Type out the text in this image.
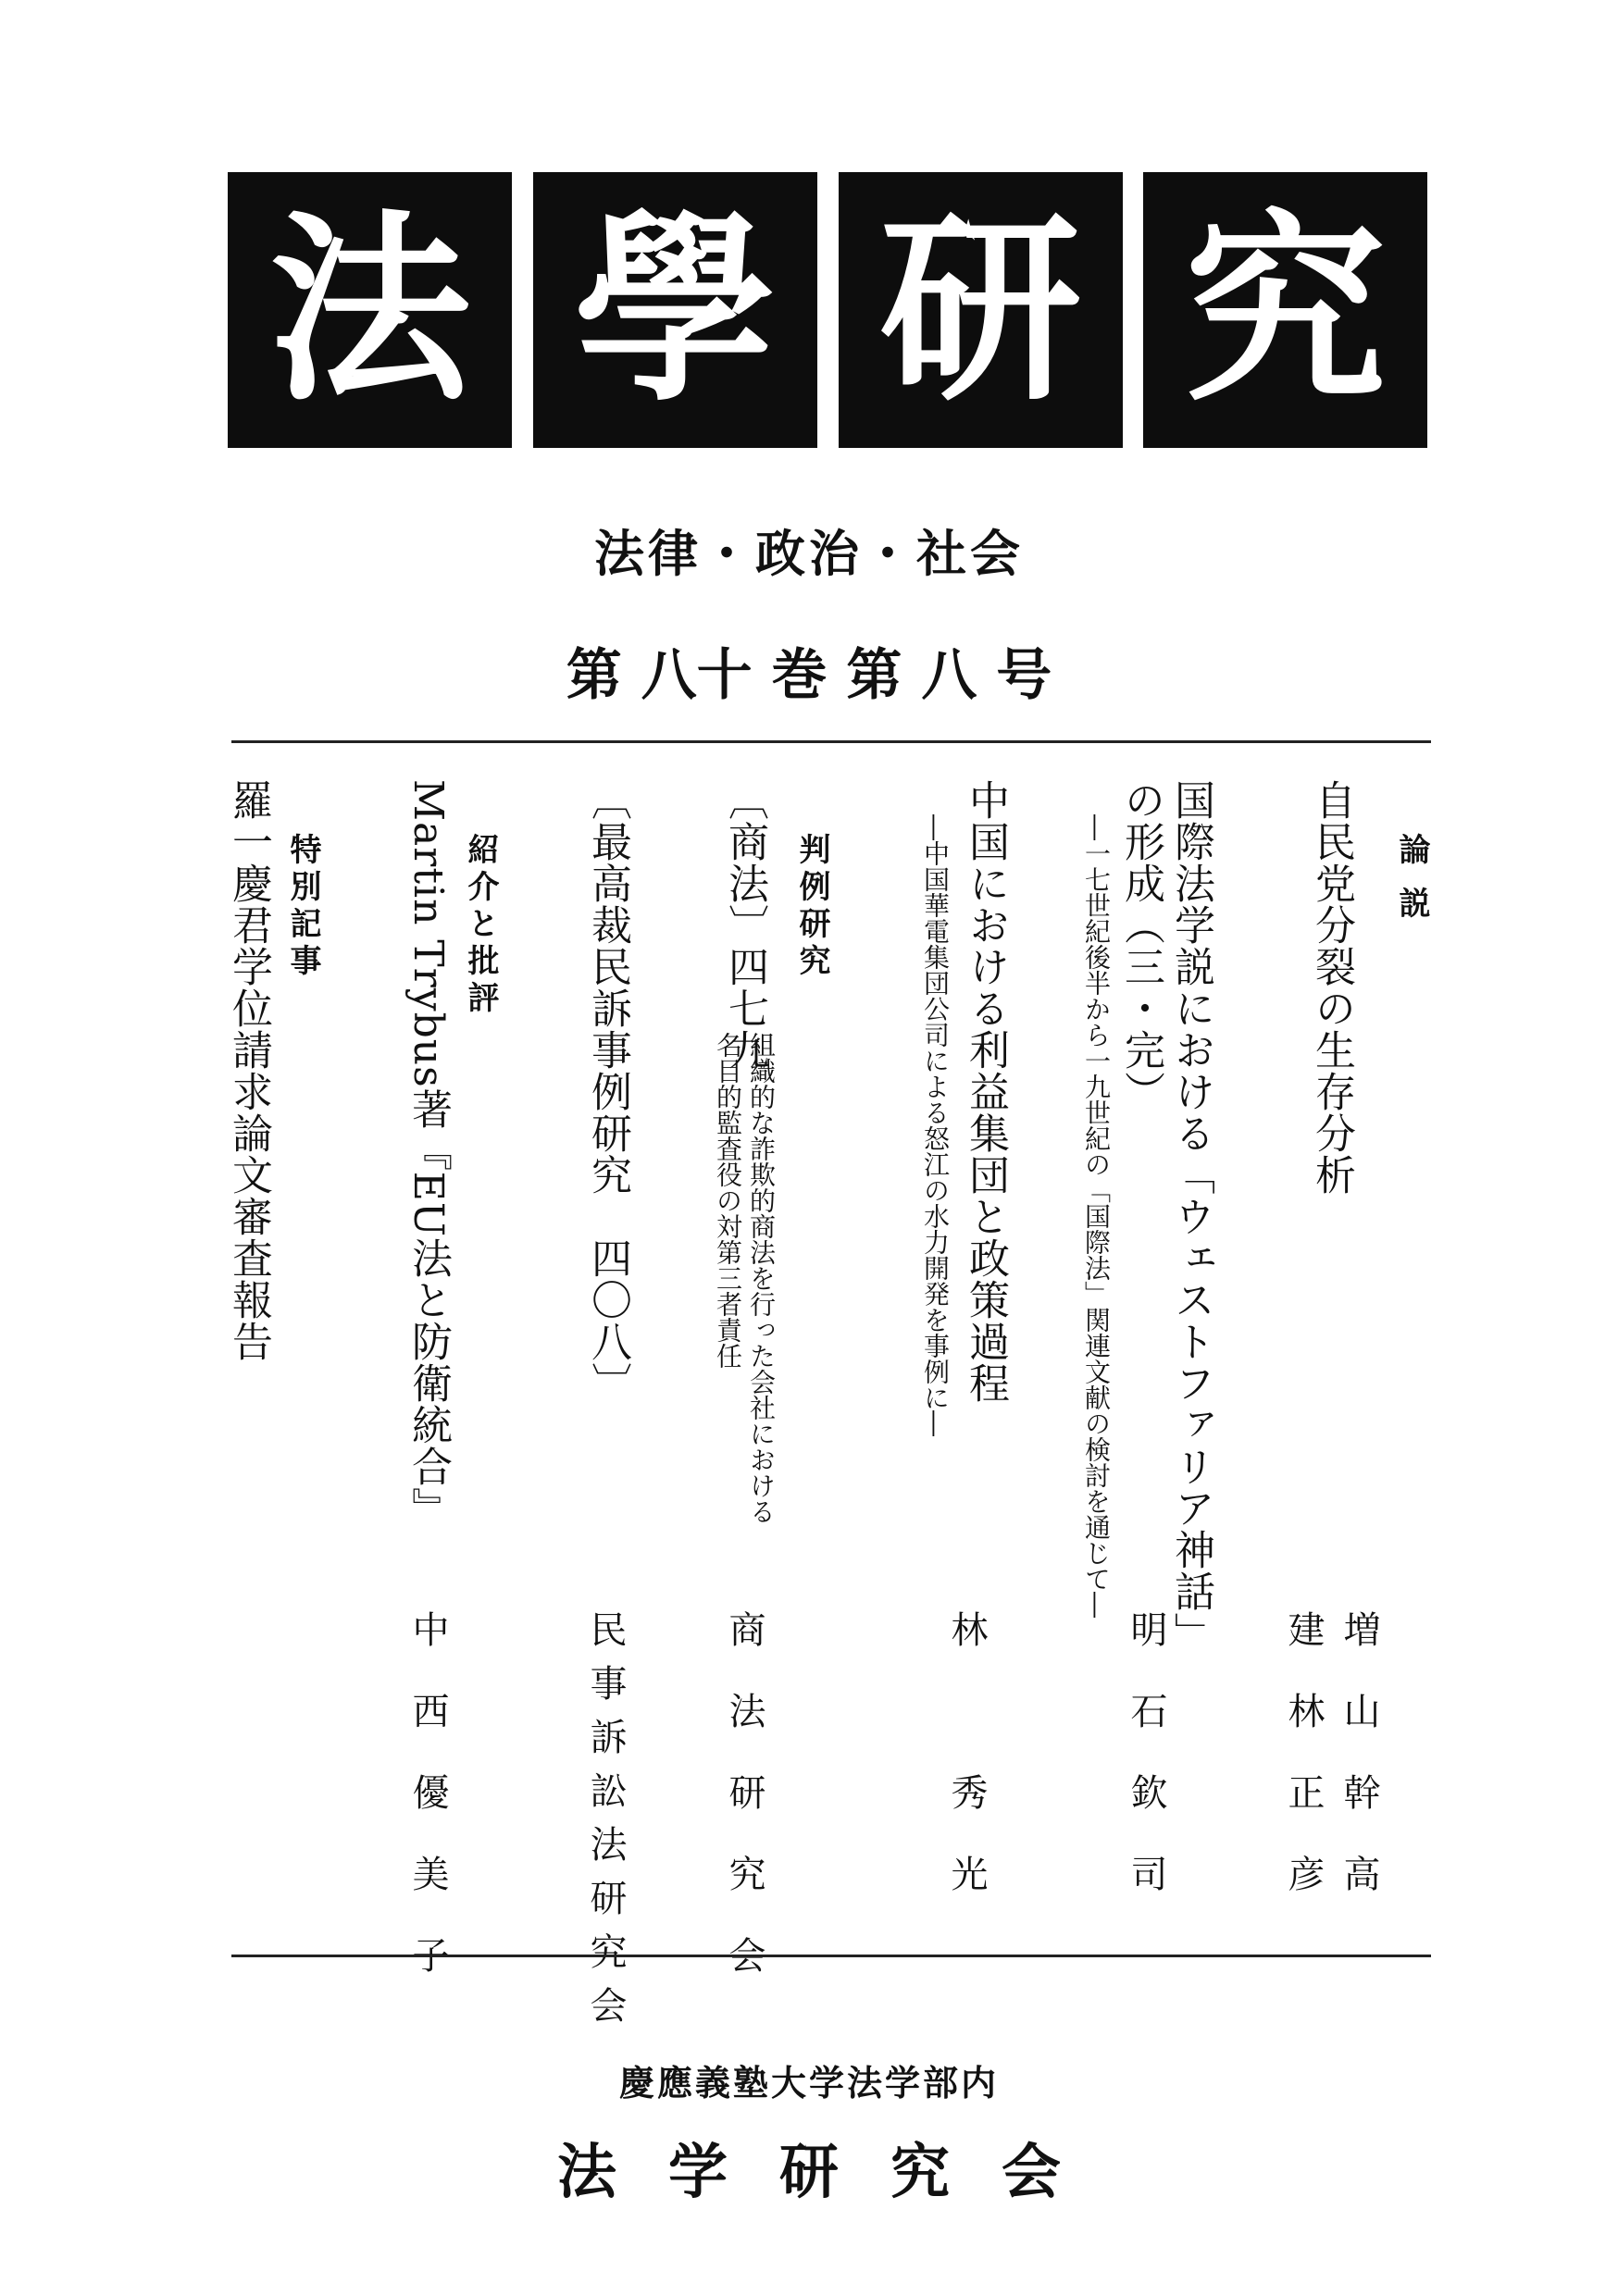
法 學 研 究
法律・政治・社会
第 八十 巻 第 八 号
論 説
自民党分裂の生存分析
増山幹高
建林正彦
国際法学説における「ウェストファリア神話」
の形成（三・完）
―一七世紀後半から一九世紀の「国際法」関連文献の検討を通じて―
明石欽司
中国における利益集団と政策過程
―中国華電集団公司による怒江の水力開発を事例に―
林　秀光
判例研究
〔商法〕四七九
組織的な詐欺的商法を行った会社における
名目的監査役の対第三者責任
商法研究会
〔最高裁民訴事例研究　四〇八〕
民事訴訟法研究会
紹介と批評
Martin Trybus著『EU法と防衛統合』
中西優美子
特別記事
羅一慶君学位請求論文審査報告
慶應義塾大学法学部内
法学研究会
